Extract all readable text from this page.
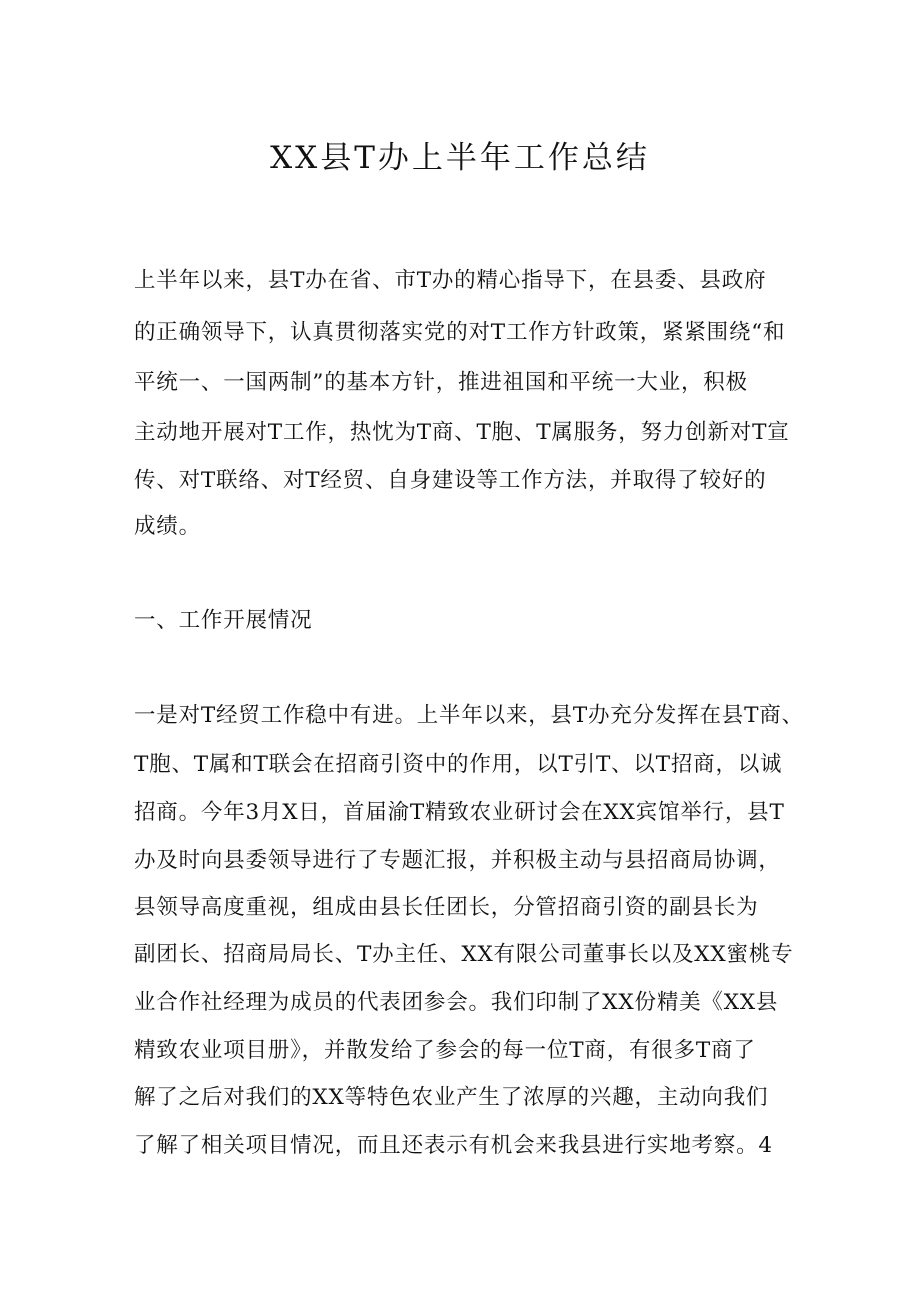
XX县T办上半年工作总结
上半年以来，县T办在省、市T办的精心指导下，在县委、县政府
的正确领导下，认真贯彻落实党的对T工作方针政策，紧紧围绕“和
平统一、一国两制”的基本方针，推进祖国和平统一大业，积极
主动地开展对T工作，热忱为T商、T胞、T属服务，努力创新对T宣
传、对T联络、对T经贸、自身建设等工作方法，并取得了较好的
成绩。
一、工作开展情况
一是对T经贸工作稳中有进。上半年以来，县T办充分发挥在县T商、
T胞、T属和T联会在招商引资中的作用，以T引T、以T招商，以诚
招商。今年3月X日，首届渝T精致农业研讨会在XX宾馆举行，县T
办及时向县委领导进行了专题汇报，并积极主动与县招商局协调，
县领导高度重视，组成由县长任团长，分管招商引资的副县长为
副团长、招商局局长、T办主任、XX有限公司董事长以及XX蜜桃专
业合作社经理为成员的代表团参会。我们印制了XX份精美《XX县
精致农业项目册》，并散发给了参会的每一位T商，有很多T商了
解了之后对我们的XX等特色农业产生了浓厚的兴趣，主动向我们
了解了相关项目情况，而且还表示有机会来我县进行实地考察。4
